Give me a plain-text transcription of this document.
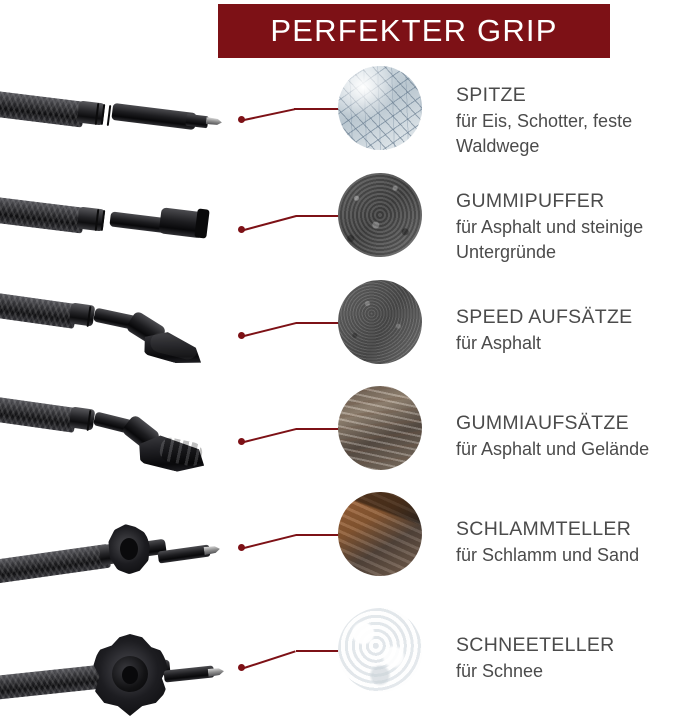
PERFEKTER GRIP
SPITZE
für Eis, Schotter, feste Waldwege
GUMMIPUFFER
für Asphalt und steinige Untergründe
SPEED AUFSÄTZE
für Asphalt
GUMMIAUFSÄTZE
für Asphalt und Gelände
SCHLAMMTELLER
für Schlamm und Sand
SCHNEETELLER
für Schnee
